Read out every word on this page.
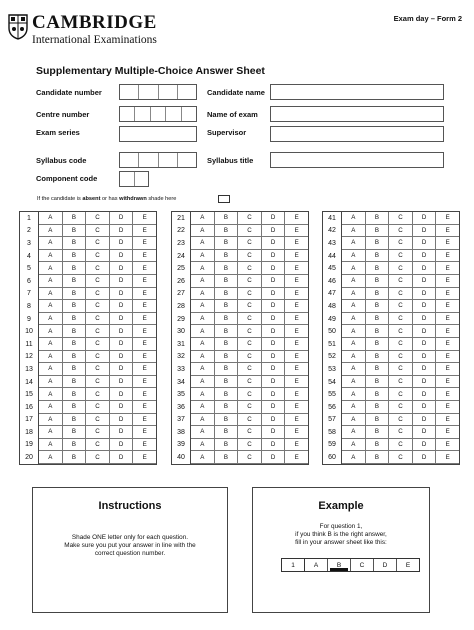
CAMBRIDGE
International Examinations
Exam day – Form 2
Supplementary Multiple-Choice Answer Sheet
Candidate number	Candidate name
Centre number	Name of exam
Exam series	Supervisor
Syllabus code	Syllabus title
Component code
If the candidate is absent or has withdrawn shade here
1	A	B	C	D	E
2	A	B	C	D	E
3	A	B	C	D	E
4	A	B	C	D	E
5	A	B	C	D	E
6	A	B	C	D	E
7	A	B	C	D	E
8	A	B	C	D	E
9	A	B	C	D	E
10	A	B	C	D	E
11	A	B	C	D	E
12	A	B	C	D	E
13	A	B	C	D	E
14	A	B	C	D	E
15	A	B	C	D	E
16	A	B	C	D	E
17	A	B	C	D	E
18	A	B	C	D	E
19	A	B	C	D	E
20	A	B	C	D	E
21	A	B	C	D	E
22	A	B	C	D	E
23	A	B	C	D	E
24	A	B	C	D	E
25	A	B	C	D	E
26	A	B	C	D	E
27	A	B	C	D	E
28	A	B	C	D	E
29	A	B	C	D	E
30	A	B	C	D	E
31	A	B	C	D	E
32	A	B	C	D	E
33	A	B	C	D	E
34	A	B	C	D	E
35	A	B	C	D	E
36	A	B	C	D	E
37	A	B	C	D	E
38	A	B	C	D	E
39	A	B	C	D	E
40	A	B	C	D	E
41	A	B	C	D	E
42	A	B	C	D	E
43	A	B	C	D	E
44	A	B	C	D	E
45	A	B	C	D	E
46	A	B	C	D	E
47	A	B	C	D	E
48	A	B	C	D	E
49	A	B	C	D	E
50	A	B	C	D	E
51	A	B	C	D	E
52	A	B	C	D	E
53	A	B	C	D	E
54	A	B	C	D	E
55	A	B	C	D	E
56	A	B	C	D	E
57	A	B	C	D	E
58	A	B	C	D	E
59	A	B	C	D	E
60	A	B	C	D	E
Instructions
Shade ONE letter only for each question.
Make sure you put your answer in line with the
correct question number.
Example
For question 1,
if you think B is the right answer,
fill in your answer sheet like this:
1	A	B	C	D	E
